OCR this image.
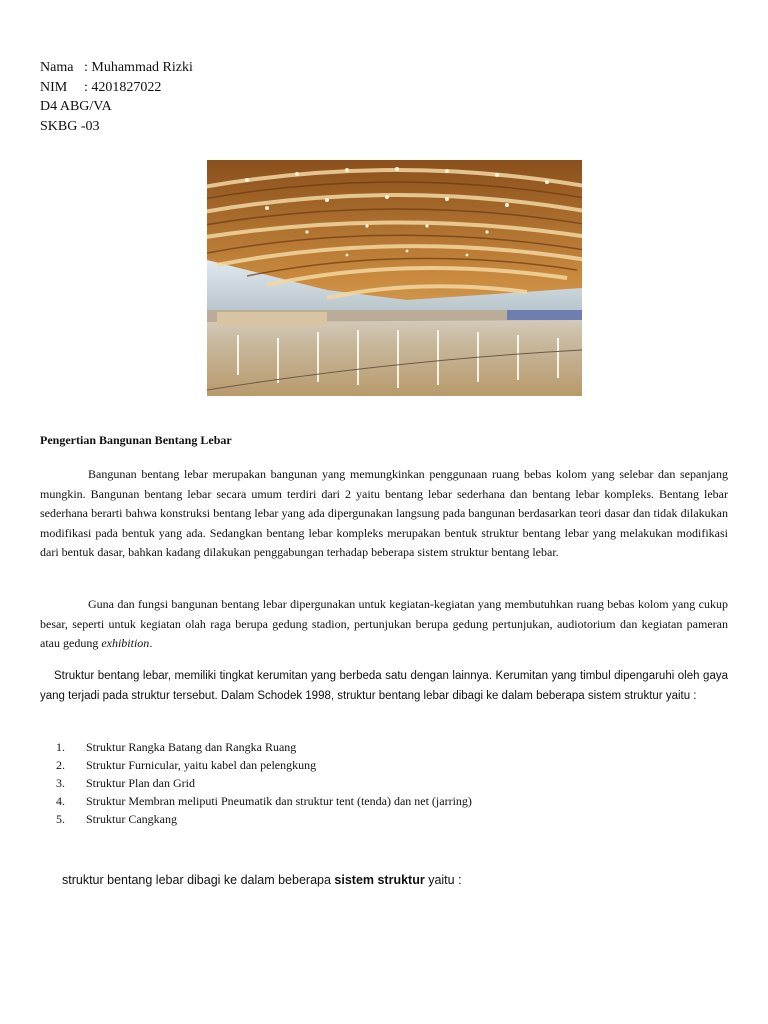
Nama : Muhammad Rizki
NIM : 4201827022
D4 ABG/VA
SKBG -03
Pengertian Bangunan Bentang Lebar

Bangunan bentang lebar merupakan bangunan yang memungkinkan penggunaan ruang bebas kolom yang selebar dan sepanjang mungkin. Bangunan bentang lebar secara umum terdiri dari 2 yaitu bentang lebar sederhana dan bentang lebar kompleks. Bentang lebar sederhana berarti bahwa konstruksi bentang lebar yang ada dipergunakan langsung pada bangunan berdasarkan teori dasar dan tidak dilakukan modifikasi pada bentuk yang ada. Sedangkan bentang lebar kompleks merupakan bentuk struktur bentang lebar yang melakukan modifikasi dari bentuk dasar, bahkan kadang dilakukan penggabungan terhadap beberapa sistem struktur bentang lebar.

Guna dan fungsi bangunan bentang lebar dipergunakan untuk kegiatan-kegiatan yang membutuhkan ruang bebas kolom yang cukup besar, seperti untuk kegiatan olah raga berupa gedung stadion, pertunjukan berupa gedung pertunjukan, audiotorium dan kegiatan pameran atau gedung exhibition.

Struktur bentang lebar, memiliki tingkat kerumitan yang berbeda satu dengan lainnya. Kerumitan yang timbul dipengaruhi oleh gaya yang terjadi pada struktur tersebut. Dalam Schodek 1998, struktur bentang lebar dibagi ke dalam beberapa sistem struktur yaitu :

1.	Struktur Rangka Batang dan Rangka Ruang
2.	Struktur Furnicular, yaitu kabel dan pelengkung
3.	Struktur Plan dan Grid
4.	Struktur Membran meliputi Pneumatik dan struktur tent (tenda) dan net (jarring)
5.	Struktur Cangkang
struktur bentang lebar dibagi ke dalam beberapa sistem struktur yaitu :
